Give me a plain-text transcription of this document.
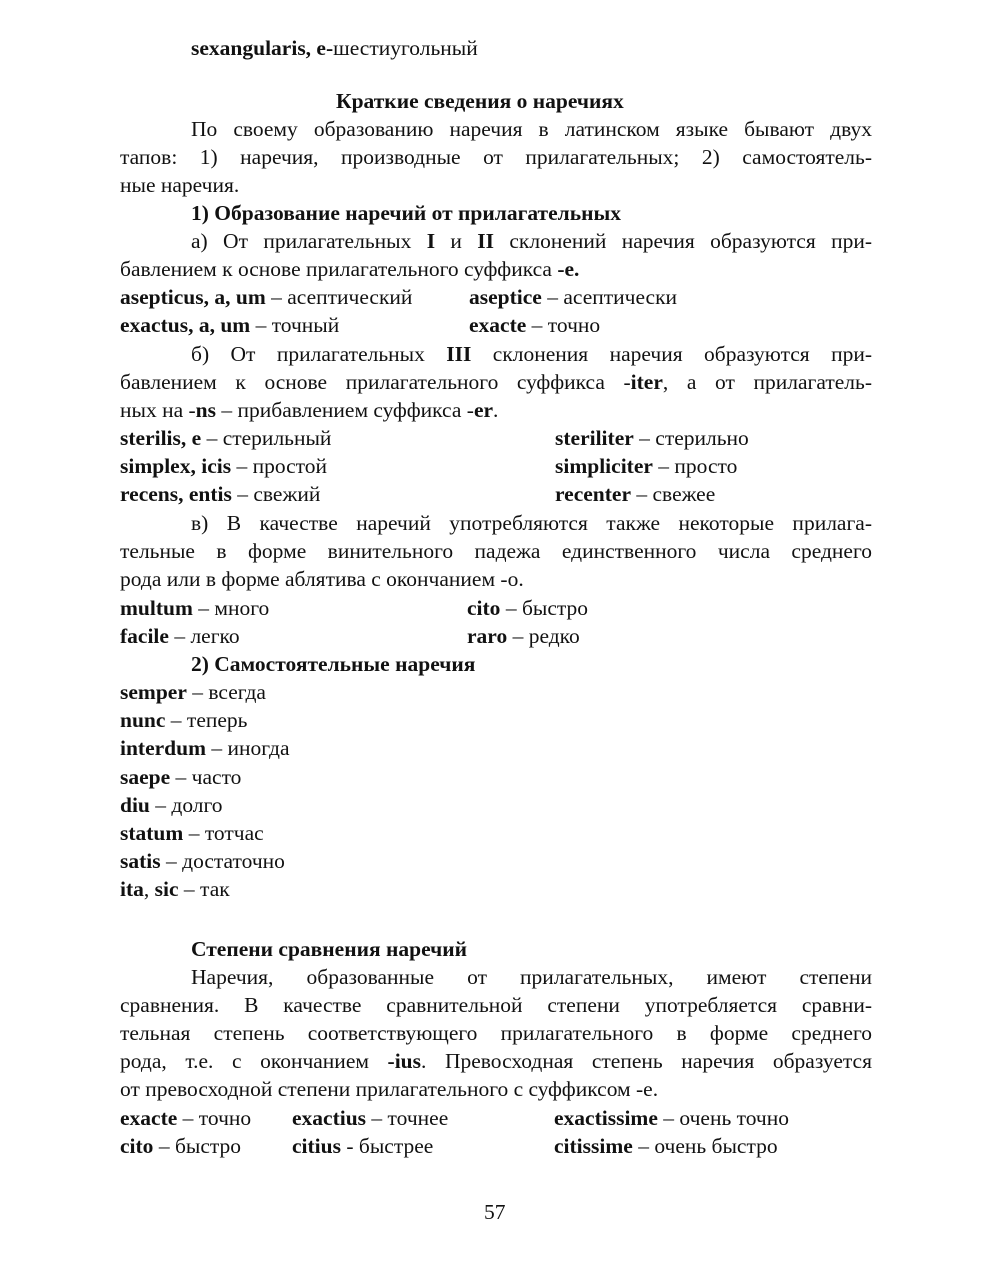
sexangularis, e-шестиугольный
Краткие сведения о наречиях
По своему образованию наречия в латинском языке бывают двух
тапов: 1) наречия, производные от прилагательных; 2) самостоятель-
ные наречия.
1) Образование наречий от прилагательных
а) От прилагательных I и II склонений наречия образуются при-
бавлением к основе прилагательного суффикса -e.
asepticus, a, um – асептический	aseptice – асептически
exactus, a, um – точный	exacte – точно
б) От прилагательных III склонения наречия образуются при-
бавлением к основе прилагательного суффикса -iter, а от прилагатель-
ных на -ns – прибавлением суффикса -er.
sterilis, e – стерильный	steriliter – стерильно
simplex, icis – простой	simpliciter – просто
recens, entis – свежий	recenter – свежее
в) В качестве наречий употребляются также некоторые прилага-
тельные в форме винительного падежа единственного числа среднего
рода или в форме аблятива с окончанием -о.
multum – много	cito – быстро
facile – легко	raro – редко
2) Самостоятельные наречия
semper – всегда
nunc – теперь
interdum – иногда
saepe – часто
diu – долго
statum – тотчас
satis – достаточно
ita, sic – так
Степени сравнения наречий
Наречия, образованные от прилагательных, имеют степени
сравнения. В качестве сравнительной степени употребляется сравни-
тельная степень соответствующего прилагательного в форме среднего
рода, т.е. с окончанием -ius. Превосходная степень наречия образуется
от превосходной степени прилагательного с суффиксом -е.
exacte – точно exactius – точнее	exactissime – очень точно
cito – быстро citius - быстрее	citissime – очень быстро
57
